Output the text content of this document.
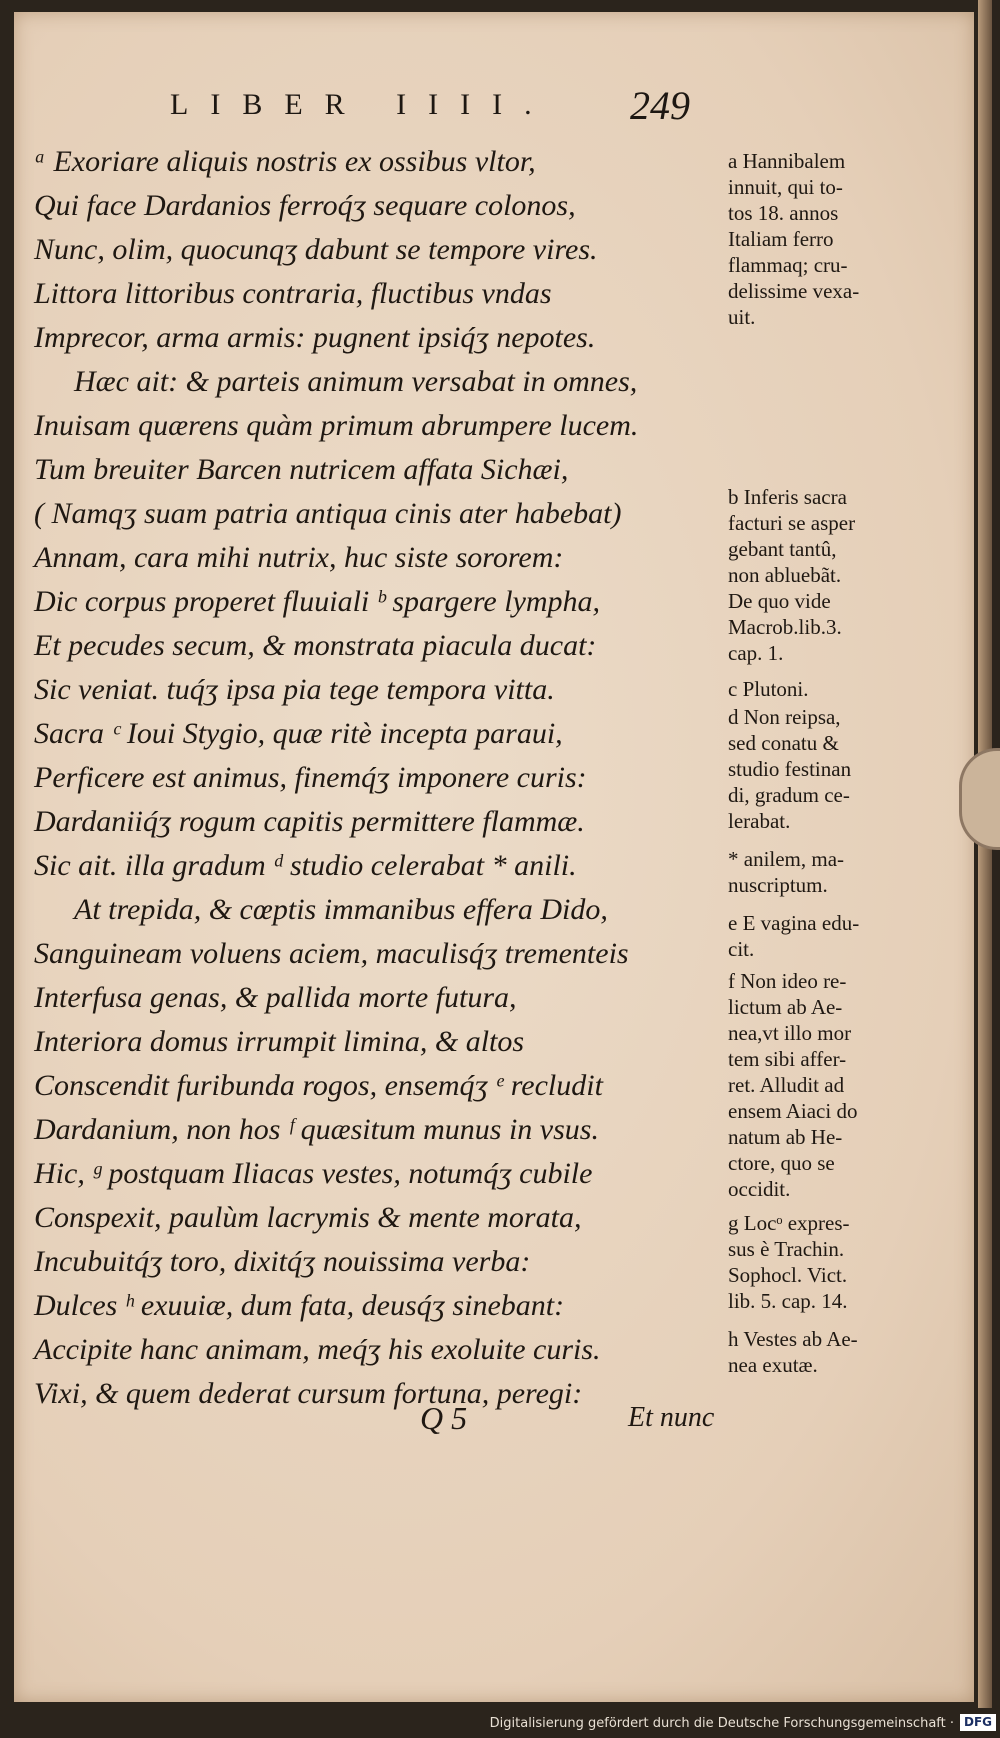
LIBER IIII. 249
ᵃ Exoriare aliquis nostris ex ossibus vltor,
Qui face Dardanios ferroq́ʒ sequare colonos,
Nunc, olim, quocunqʒ dabunt se tempore vires.
Littora littoribus contraria, fluctibus vndas
Imprecor, arma armis: pugnent ipsiq́ʒ nepotes.
Hæc ait: & parteis animum versabat in omnes,
Inuisam quærens quàm primum abrumpere lucem.
Tum breuiter Barcen nutricem affata Sichæi,
( Namqʒ suam patria antiqua cinis ater habebat)
Annam, cara mihi nutrix, huc siste sororem:
Dic corpus properet fluuiali ᵇ spargere lympha,
Et pecudes secum, & monstrata piacula ducat:
Sic veniat. tuq́ʒ ipsa pia tege tempora vitta.
Sacra ᶜ Ioui Stygio, quæ ritè incepta paraui,
Perficere est animus, finemq́ʒ imponere curis:
Dardaniiq́ʒ rogum capitis permittere flammæ.
Sic ait. illa gradum ᵈ studio celerabat * anili.
At trepida, & cœptis immanibus effera Dido,
Sanguineam voluens aciem, maculisq́ʒ trementeis
Interfusa genas, & pallida morte futura,
Interiora domus irrumpit limina, & altos
Conscendit furibunda rogos, ensemq́ʒ ᵉ recludit
Dardanium, non hos ᶠ quæsitum munus in vsus.
Hic, ᵍ postquam Iliacas vestes, notumq́ʒ cubile
Conspexit, paulùm lacrymis & mente morata,
Incubuitq́ʒ toro, dixitq́ʒ nouissima verba:
Dulces ʰ exuuiæ, dum fata, deusq́ʒ sinebant:
Accipite hanc animam, meq́ʒ his exoluite curis.
Vixi, & quem dederat cursum fortuna, peregi:

a Hannibalem

innuit, qui to-

tos 18. annos

Italiam ferro

flammaq; cru-

delissime vexa-

uit.

b Inferis sacra

facturi se asper

gebant tantû,

non abluebãt.

De quo vide

Macrob.lib.3.

cap. 1.

c Plutoni.

d Non reipsa,

sed conatu &

studio festinan

di, gradum ce-

lerabat.

* anilem, ma-

nuscriptum.

e E vagina edu-

cit.

f Non ideo re-

lictum ab Ae-

nea,vt illo mor

tem sibi affer-

ret. Alludit ad

ensem Aiaci do

natum ab He-

ctore, quo se

occidit.

g Locᵒ expres-

sus è Trachin.

Sophocl. Vict.

lib. 5. cap. 14.

h Vestes ab Ae-

nea exutæ.

Q 5	Et nunc
Digitalisierung gefördert durch die Deutsche Forschungsgemeinschaft · DFG
